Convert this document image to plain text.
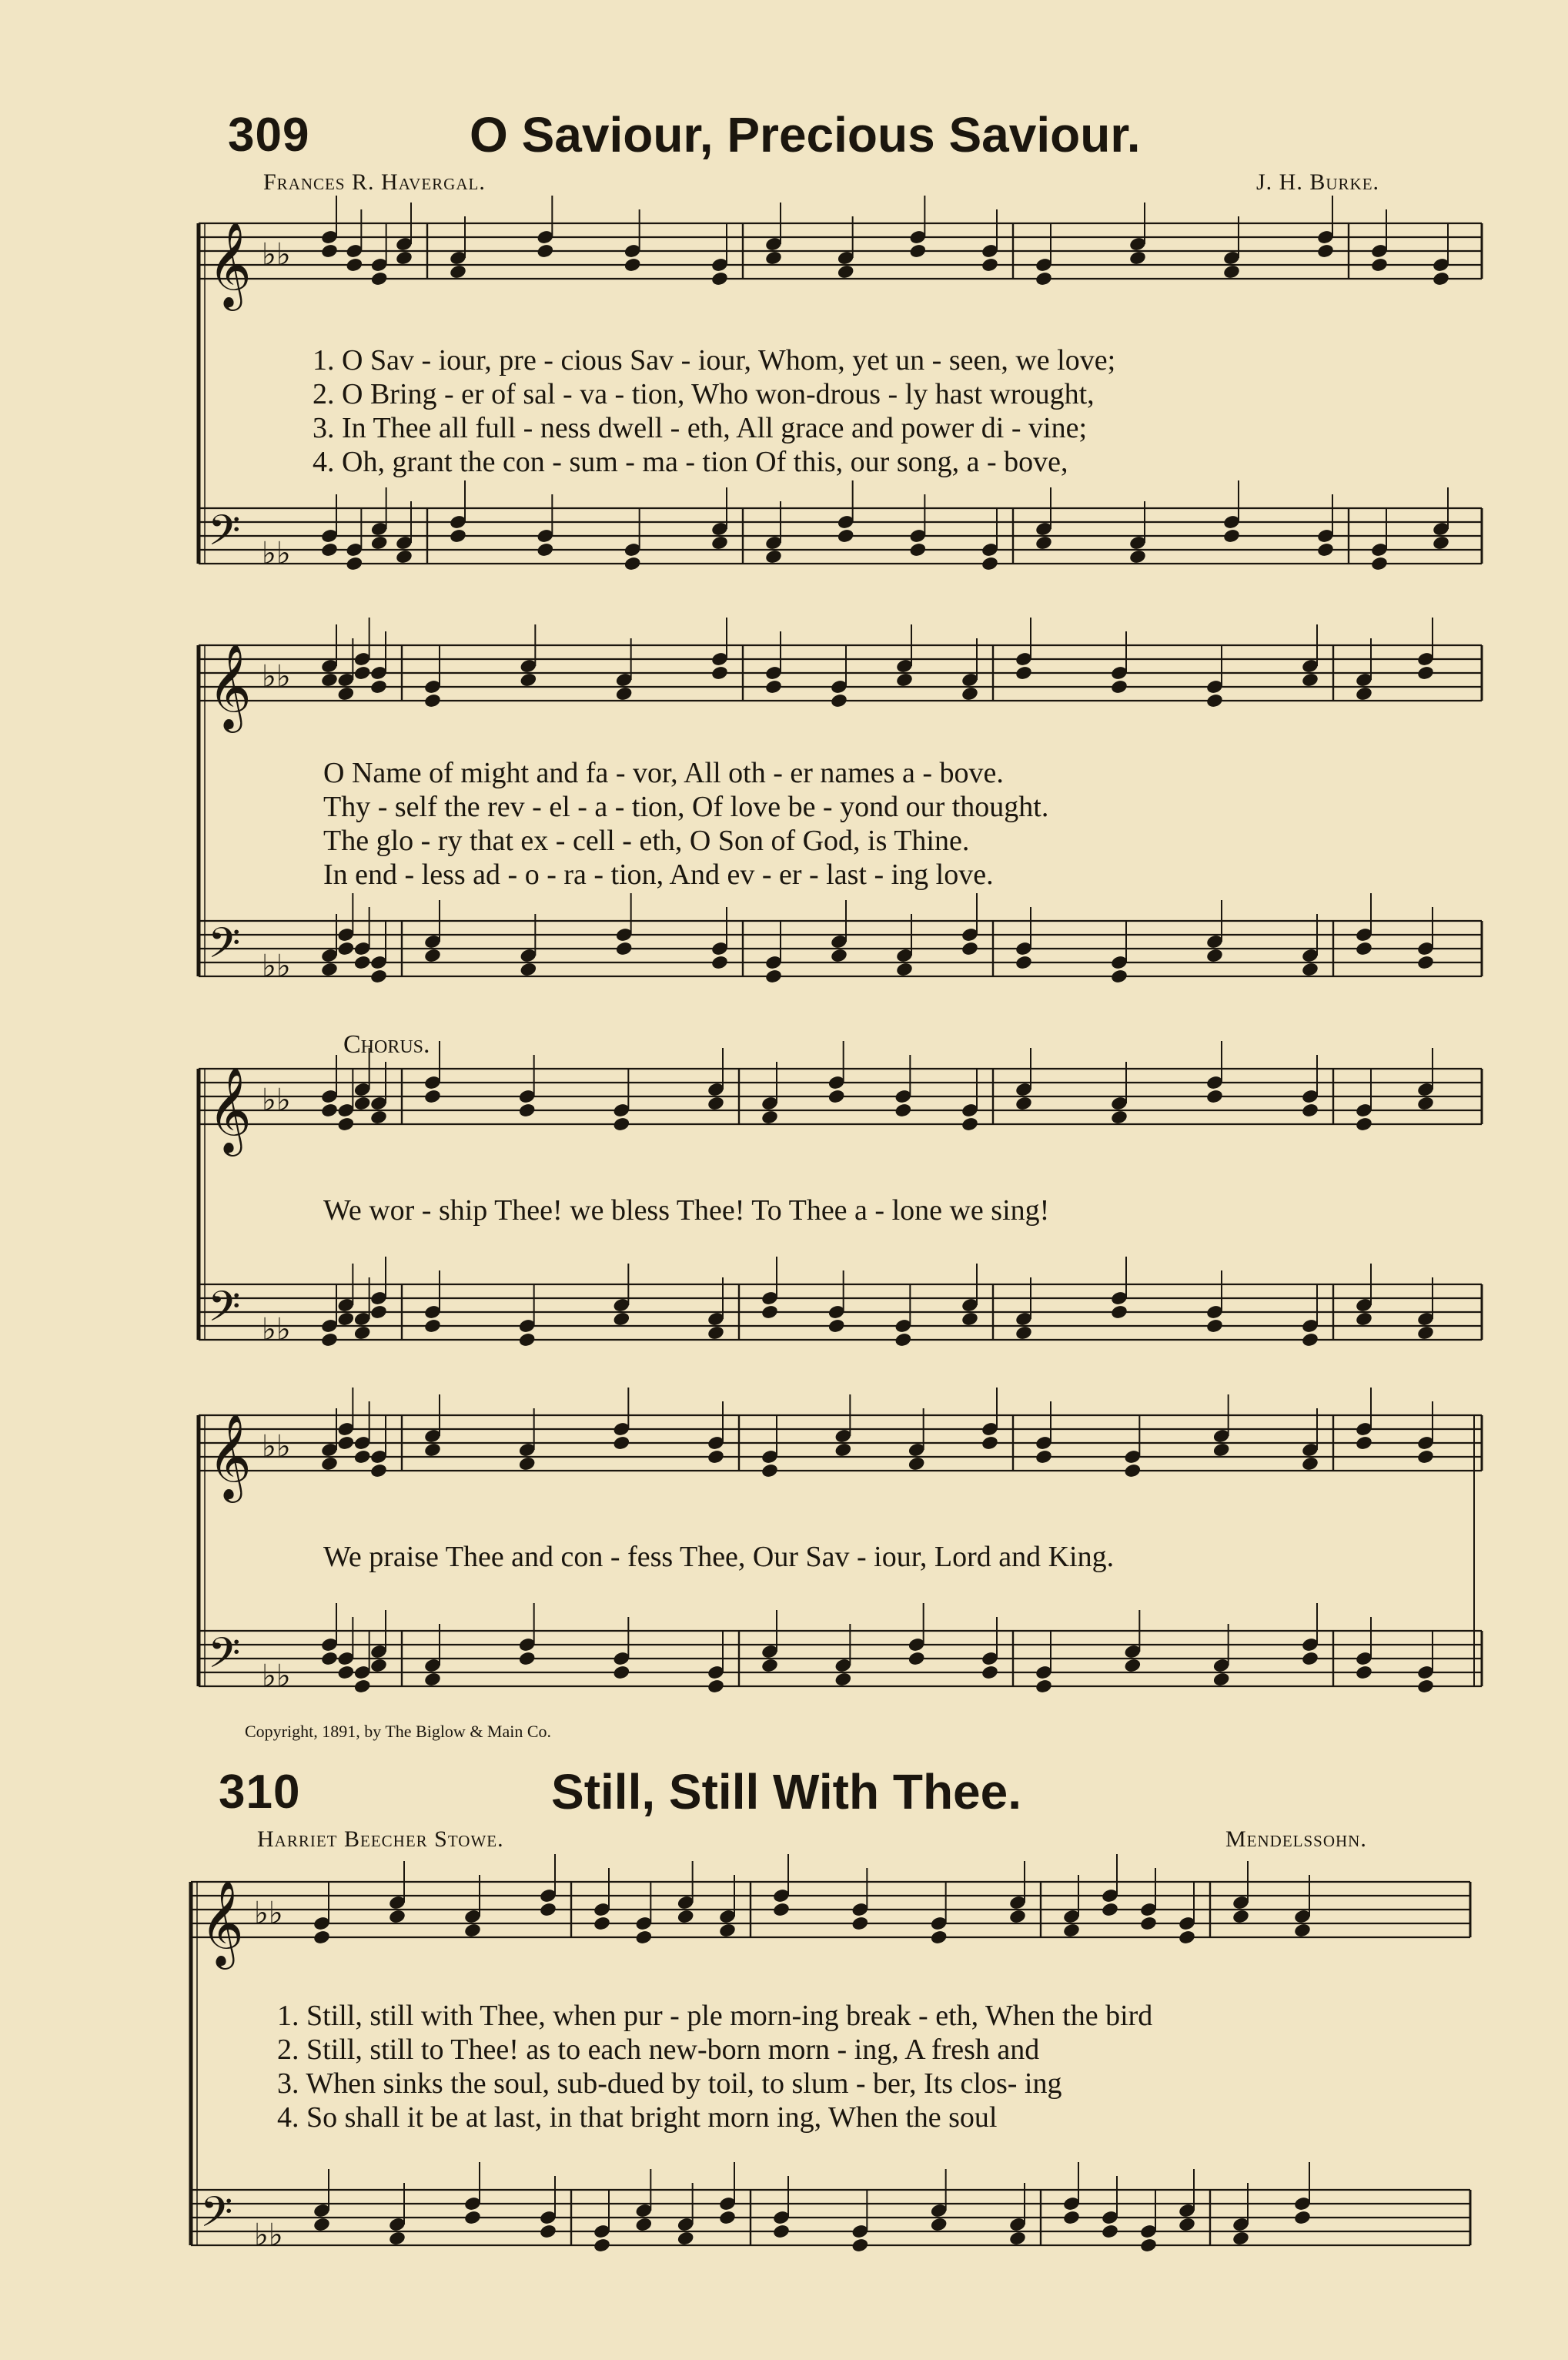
309	O Saviour, Precious Saviour.
Frances R. Havergal.	J. H. Burke.
1. O Sav - iour, pre - cious Sav - iour, Whom, yet un - seen, we love;
2. O Bring - er of sal - va - tion, Who won-drous - ly hast wrought,
3. In Thee all full - ness dwell - eth, All grace and power di - vine;
4. Oh, grant the con - sum - ma - tion Of this, our song, a - bove,
O Name of might and fa - vor, All oth - er names a - bove.
Thy - self the rev - el - a - tion, Of love be - yond our thought.
The glo - ry that ex - cell - eth, O Son of God, is Thine.
In end - less ad - o - ra - tion, And ev - er - last - ing love.
Chorus.
We wor - ship Thee! we bless Thee! To Thee a - lone we sing!
We praise Thee and con - fess Thee, Our Sav - iour, Lord and King.
Copyright, 1891, by The Biglow & Main Co.
310	Still, Still With Thee.
Harriet Beecher Stowe.	Mendelssohn.
1. Still, still with Thee, when pur - ple morn-ing break - eth, When the bird
2. Still, still to Thee! as to each new-born morn - ing, A fresh and
3. When sinks the soul, sub-dued by toil, to slum - ber, Its clos- ing
4. So shall it be at last, in that bright morn ing, When the soul
𝄞
𝄢
♭♭
♭♭
𝄞
𝄢
♭♭
♭♭
𝄞
𝄢
♭♭
♭♭
𝄞
𝄢
♭♭
♭♭
𝄞
𝄢
♭♭
♭♭
